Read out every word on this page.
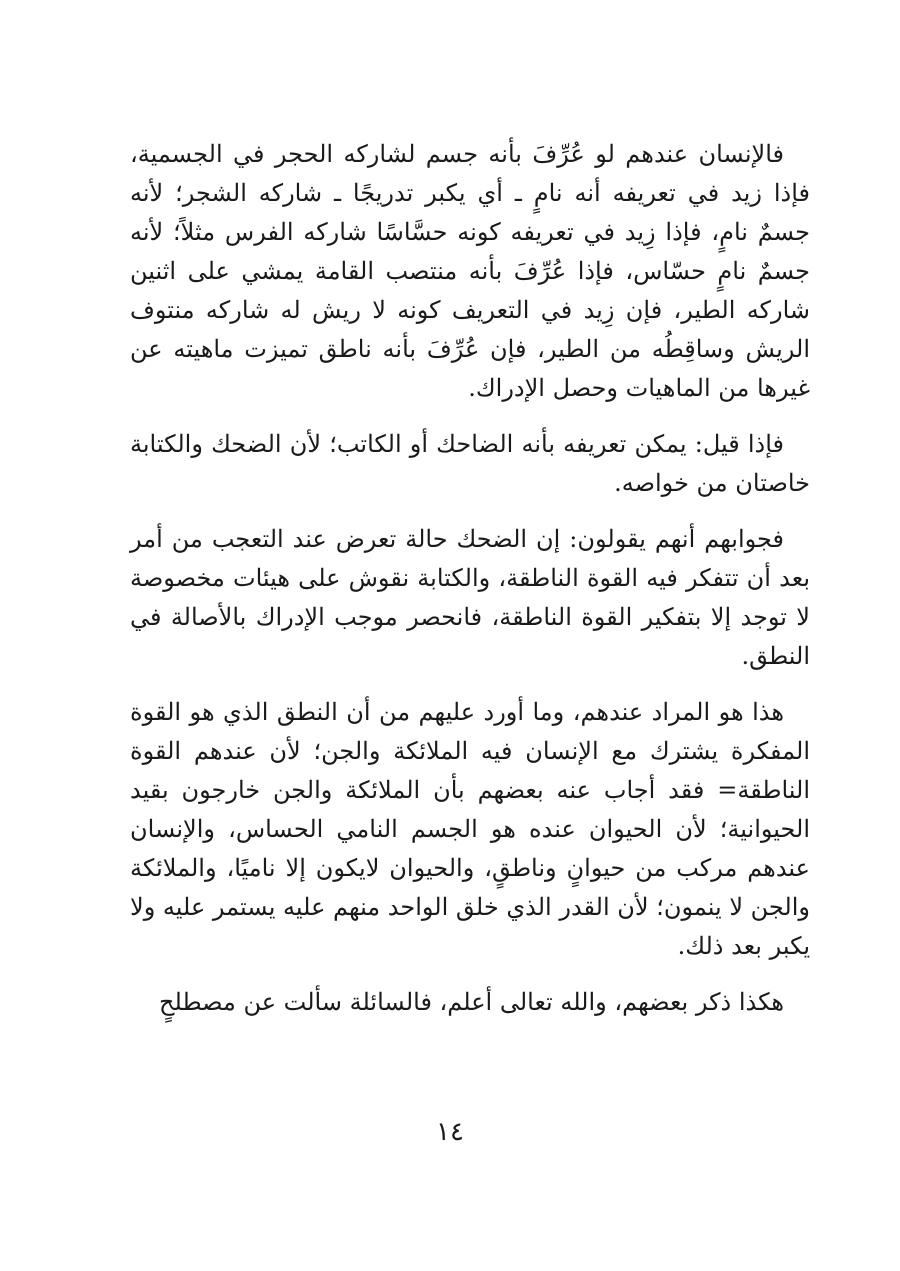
فالإنسان عندهم لو عُرِّفَ بأنه جسم لشاركه الحجر في الجسمية، فإذا زيد في تعريفه أنه نامٍ ـ أي يكبر تدريجًا ـ شاركه الشجر؛ لأنه جسمٌ نامٍ، فإذا زِيد في تعريفه كونه حسَّاسًا شاركه الفرس مثلاً؛ لأنه جسمٌ نامٍ حسّاس، فإذا عُرِّفَ بأنه منتصب القامة يمشي على اثنين شاركه الطير، فإن زِيد في التعريف كونه لا ريش له شاركه منتوف الريش وساقِطُه من الطير، فإن عُرِّفَ بأنه ناطق تميزت ماهيته عن غيرها من الماهيات وحصل الإدراك.

فإذا قيل: يمكن تعريفه بأنه الضاحك أو الكاتب؛ لأن الضحك والكتابة خاصتان من خواصه.

فجوابهم أنهم يقولون: إن الضحك حالة تعرض عند التعجب من أمر بعد أن تتفكر فيه القوة الناطقة، والكتابة نقوش على هيئات مخصوصة لا توجد إلا بتفكير القوة الناطقة، فانحصر موجب الإدراك بالأصالة في النطق.

هذا هو المراد عندهم، وما أورد عليهم من أن النطق الذي هو القوة المفكرة يشترك مع الإنسان فيه الملائكة والجن؛ لأن عندهم القوة الناطقة= فقد أجاب عنه بعضهم بأن الملائكة والجن خارجون بقيد الحيوانية؛ لأن الحيوان عنده هو الجسم النامي الحساس، والإنسان عندهم مركب من حيوانٍ وناطقٍ، والحيوان لايكون إلا ناميًا، والملائكة والجن لا ينمون؛ لأن القدر الذي خلق الواحد منهم عليه يستمر عليه ولا يكبر بعد ذلك.

هكذا ذكر بعضهم، والله تعالى أعلم، فالسائلة سألت عن مصطلحٍ

١٤
